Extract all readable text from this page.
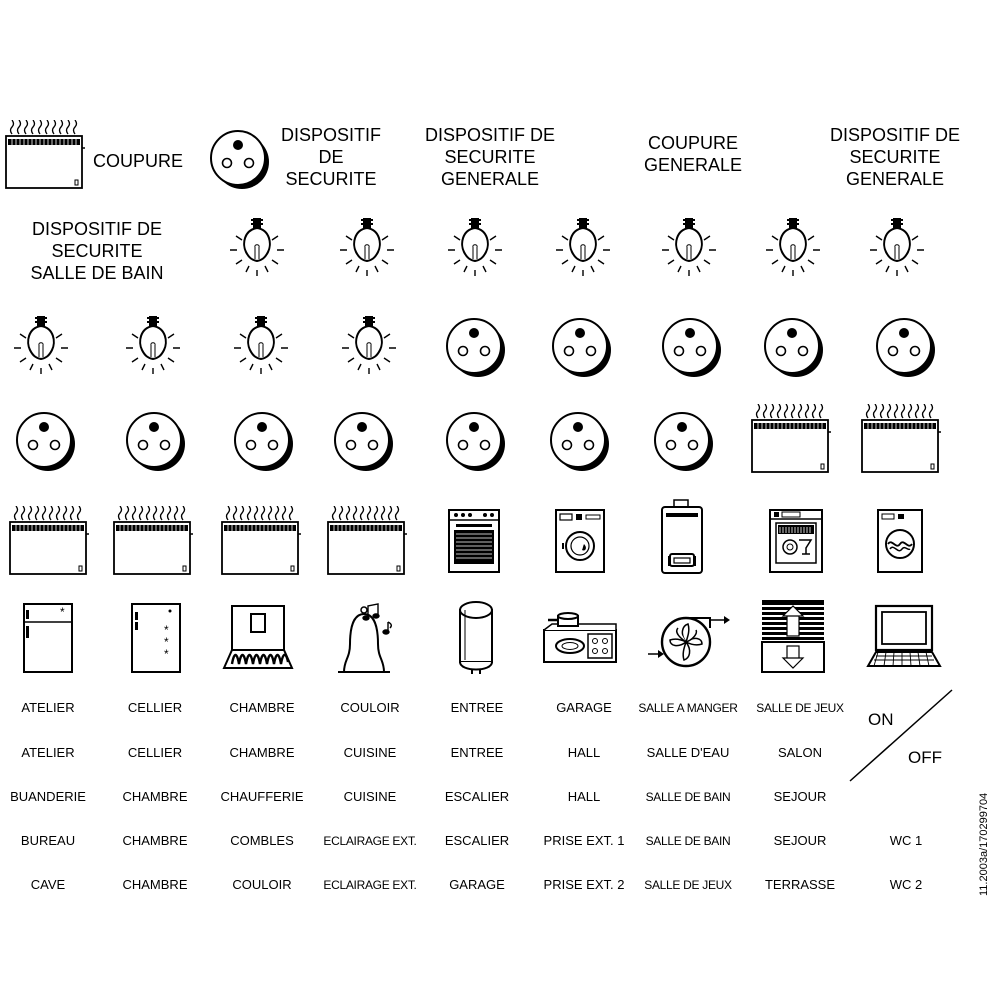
COUPURE
DISPOSITIF
DE
SECURITE
DISPOSITIF DE
SECURITE
GENERALE
COUPURE
GENERALE
DISPOSITIF DE
SECURITE
GENERALE
DISPOSITIF DE
SECURITE
SALLE DE BAIN
ATELIER	CELLIER	CHAMBRE	COULOIR	ENTREE	GARAGE	SALLE A MANGER	SALLE DE JEUX
ATELIER	CELLIER	CHAMBRE	CUISINE	ENTREE	HALL	SALLE D'EAU	SALON
BUANDERIE	CHAMBRE	CHAUFFERIE	CUISINE	ESCALIER	HALL	SALLE DE BAIN	SEJOUR
BUREAU	CHAMBRE	COMBLES	ECLAIRAGE EXT.	ESCALIER	PRISE EXT. 1	SALLE DE BAIN	SEJOUR	WC 1
CAVE	CHAMBRE	COULOIR	ECLAIRAGE EXT.	GARAGE	PRISE EXT. 2	SALLE DE JEUX	TERRASSE	WC 2
ON
OFF
11.2003a/170299704
